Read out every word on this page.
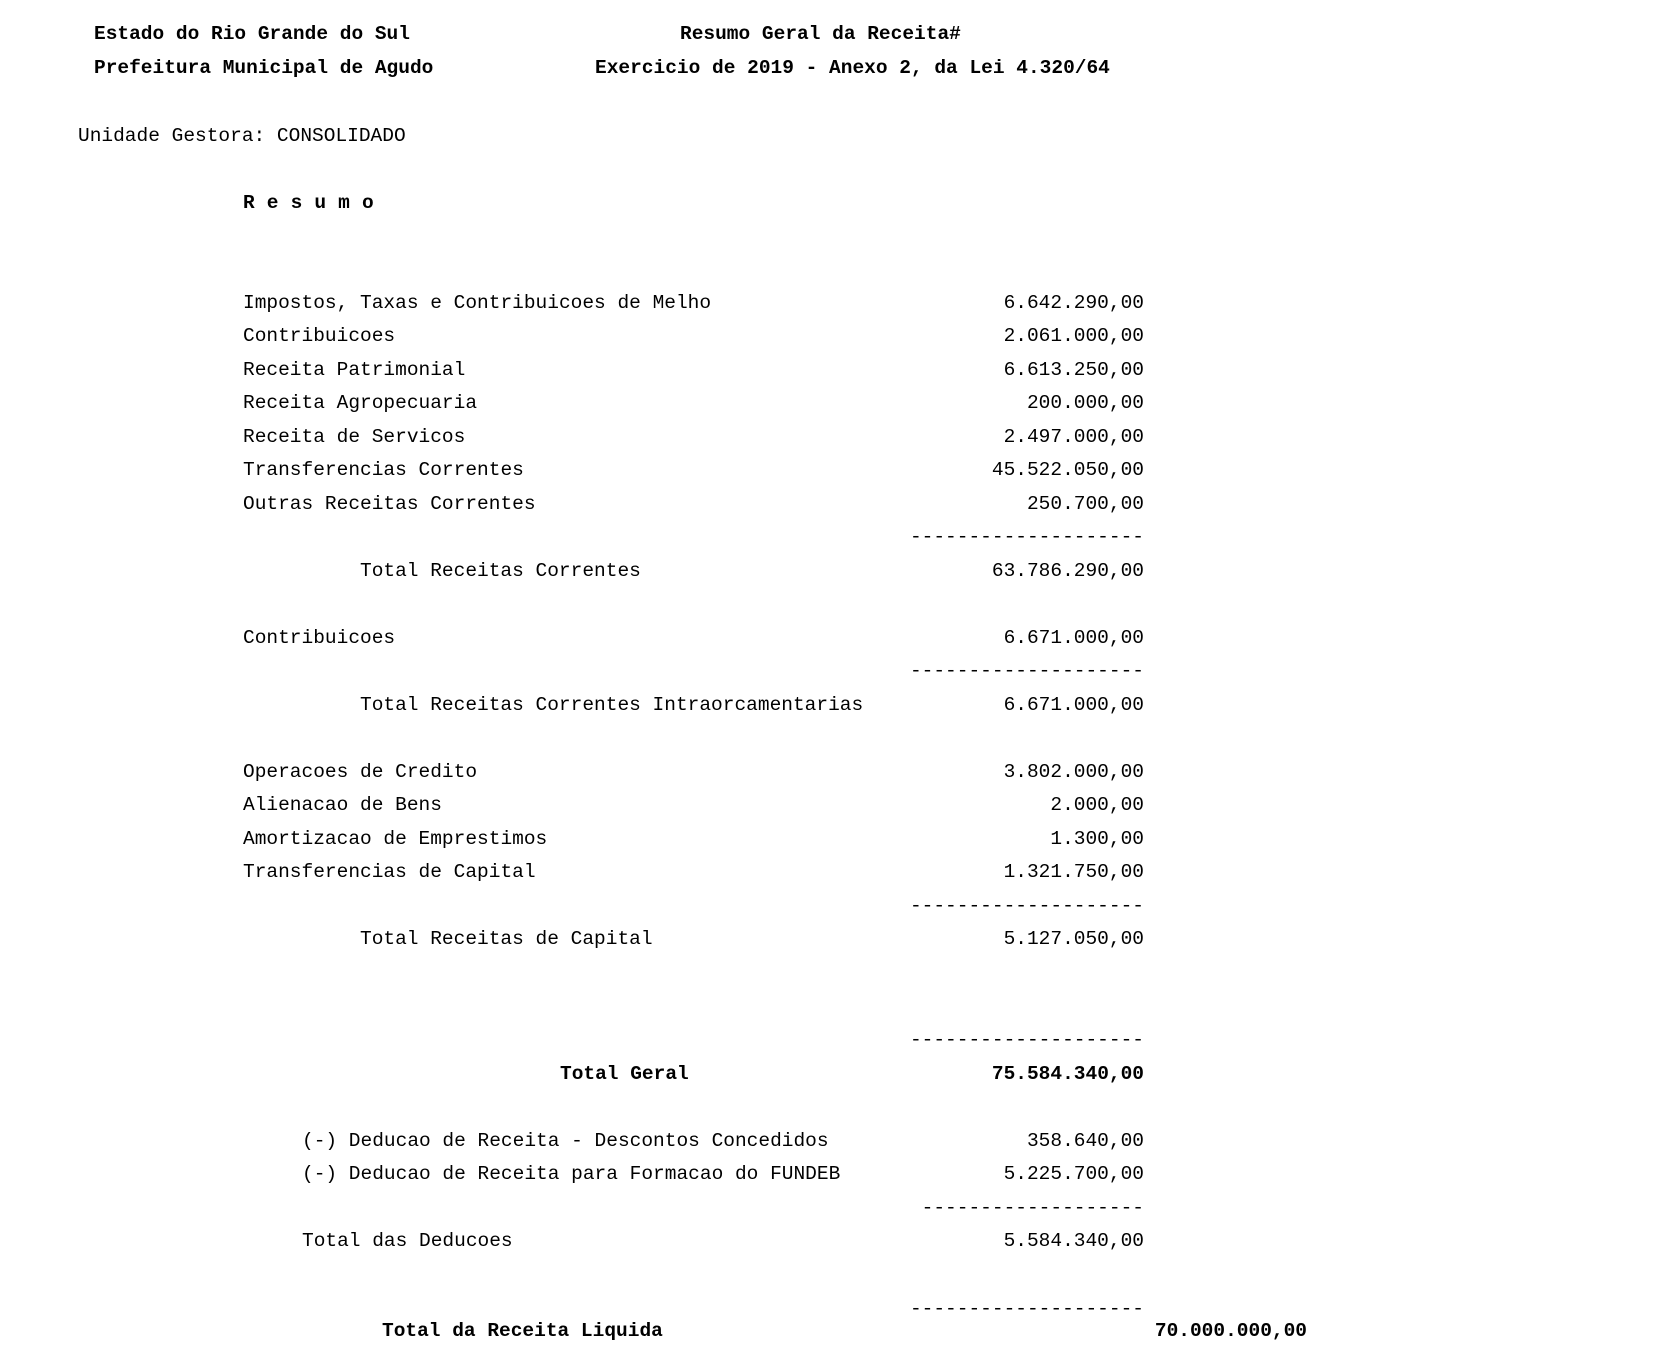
Estado do Rio Grande do Sul
Prefeitura Municipal de Agudo
Resumo Geral da Receita#
Exercicio de 2019 - Anexo 2, da Lei 4.320/64
Unidade Gestora: CONSOLIDADO
Resumo
Impostos, Taxas e Contribuicoes de Melho	6.642.290,00
Contribuicoes	2.061.000,00
Receita Patrimonial	6.613.250,00
Receita Agropecuaria	200.000,00
Receita de Servicos	2.497.000,00
Transferencias Correntes	45.522.050,00
Outras Receitas Correntes	250.700,00
--------------------
Total Receitas Correntes	63.786.290,00
Contribuicoes	6.671.000,00
--------------------
Total Receitas Correntes Intraorcamentarias	6.671.000,00
Operacoes de Credito	3.802.000,00
Alienacao de Bens	2.000,00
Amortizacao de Emprestimos	1.300,00
Transferencias de Capital	1.321.750,00
--------------------
Total Receitas de Capital	5.127.050,00
--------------------
Total Geral	75.584.340,00
(-) Deducao de Receita - Descontos Concedidos	358.640,00
(-) Deducao de Receita para Formacao do FUNDEB	5.225.700,00
-------------------
Total das Deducoes	5.584.340,00
--------------------
Total da Receita Liquida	70.000.000,00
